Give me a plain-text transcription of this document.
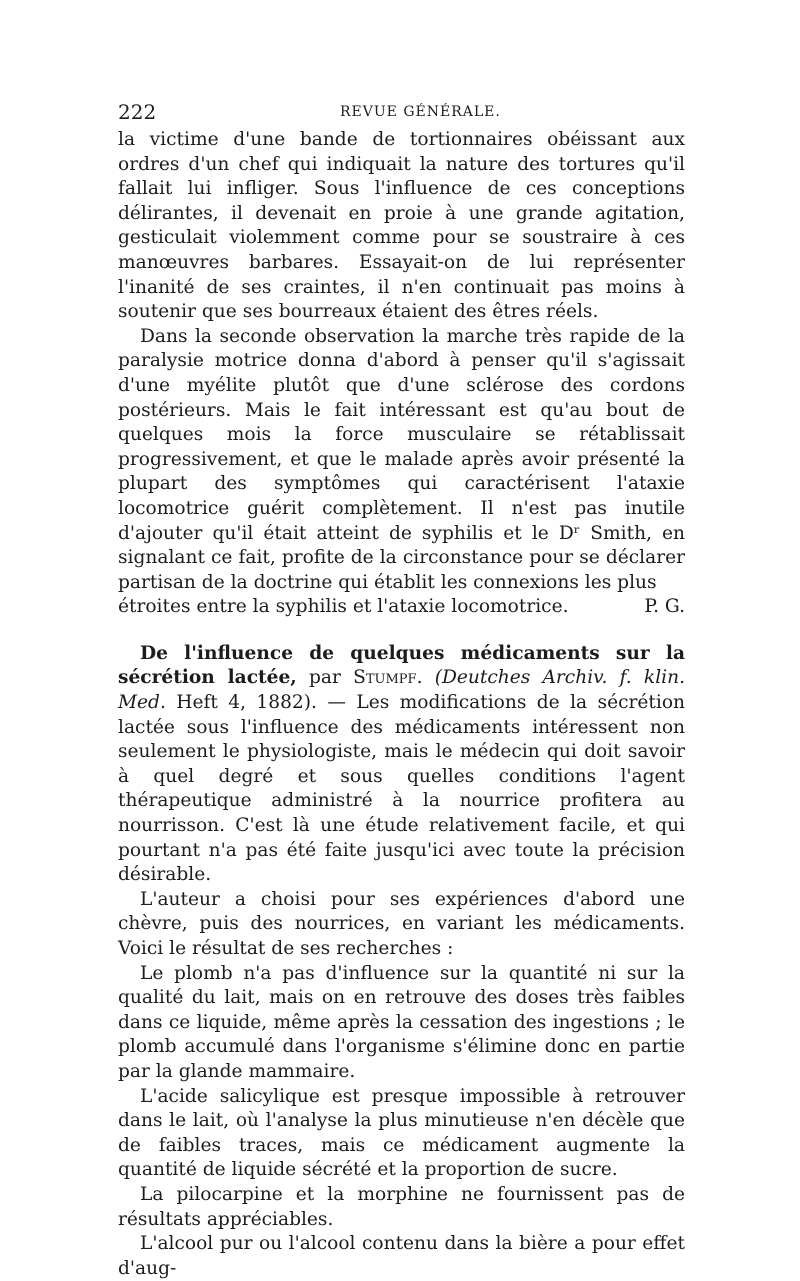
222	REVUE GÉNÉRALE.

la victime d'une bande de tortionnaires obéissant aux ordres d'un chef qui indiquait la nature des tortures qu'il fallait lui infliger. Sous l'influence de ces conceptions délirantes, il devenait en proie à une grande agitation, gesticulait violemment comme pour se soustraire à ces manœuvres barbares. Essayait-on de lui représenter l'inanité de ses craintes, il n'en continuait pas moins à soutenir que ses bourreaux étaient des êtres réels.

Dans la seconde observation la marche très rapide de la paralysie motrice donna d'abord à penser qu'il s'agissait d'une myélite plutôt que d'une sclérose des cordons postérieurs. Mais le fait intéressant est qu'au bout de quelques mois la force musculaire se rétablissait progressivement, et que le malade après avoir présenté la plupart des symptômes qui caractérisent l'ataxie locomotrice guérit complètement. Il n'est pas inutile d'ajouter qu'il était atteint de syphilis et le Dʳ Smith, en signalant ce fait, profite de la circonstance pour se déclarer partisan de la doctrine qui établit les connexions les plus

étroites entre la syphilis et l'ataxie locomotrice.	P. G.

De l'influence de quelques médicaments sur la sécrétion lactée, par Stumpf. (Deutches Archiv. f. klin. Med. Heft 4, 1882). — Les modifications de la sécrétion lactée sous l'influence des médicaments intéressent non seulement le physiologiste, mais le médecin qui doit savoir à quel degré et sous quelles conditions l'agent thérapeutique administré à la nourrice profitera au nourrisson. C'est là une étude relativement facile, et qui pourtant n'a pas été faite jusqu'ici avec toute la précision désirable.

L'auteur a choisi pour ses expériences d'abord une chèvre, puis des nourrices, en variant les médicaments. Voici le résultat de ses recherches :

Le plomb n'a pas d'influence sur la quantité ni sur la qualité du lait, mais on en retrouve des doses très faibles dans ce liquide, même après la cessation des ingestions ; le plomb accumulé dans l'organisme s'élimine donc en partie par la glande mammaire.

L'acide salicylique est presque impossible à retrouver dans le lait, où l'analyse la plus minutieuse n'en décèle que de faibles traces, mais ce médicament augmente la quantité de liquide sécrété et la proportion de sucre.

La pilocarpine et la morphine ne fournissent pas de résultats appréciables.

L'alcool pur ou l'alcool contenu dans la bière a pour effet d'aug-
